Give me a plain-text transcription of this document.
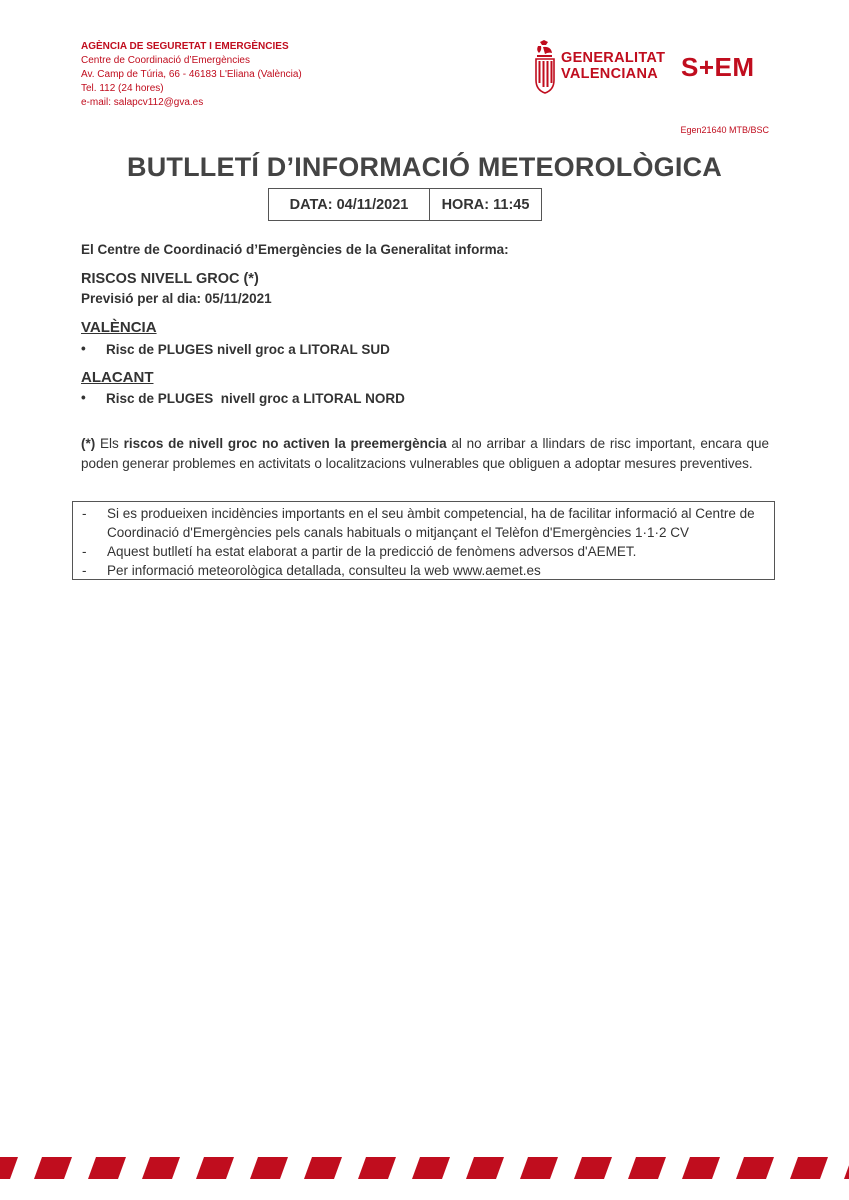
AGÈNCIA DE SEGURETAT I EMERGÈNCIES
Centre de Coordinació d’Emergències
Av. Camp de Túria, 66 - 46183 L'Eliana (València)
Tel. 112 (24 hores)
e-mail: salapcv112@gva.es
GENERALITAT
VALENCIANA S+EM
Egen21640 MTB/BSC
BUTLLETÍ D’INFORMACIÓ METEOROLÒGICA
DATA: 04/11/2021	HORA: 11:45
El Centre de Coordinació d’Emergències de la Generalitat informa:
RISCOS NIVELL GROC (*)
Previsió per al dia: 05/11/2021
VALÈNCIA
• Risc de PLUGES nivell groc a LITORAL SUD
ALACANT
• Risc de PLUGES  nivell groc a LITORAL NORD
(*) Els riscos de nivell groc no activen la preemergència al no arribar a llindars de risc important, encara que poden generar problemes en activitats o localitzacions vulnerables que obliguen a adoptar mesures preventives.
-	Si es produeixen incidències importants en el seu àmbit competencial, ha de facilitar informació al Centre de Coordinació d'Emergències pels canals habituals o mitjançant el Telèfon d'Emergències 1·1·2 CV
-	Aquest butlletí ha estat elaborat a partir de la predicció de fenòmens adversos d'AEMET.
-	Per informació meteorològica detallada, consulteu la web www.aemet.es
